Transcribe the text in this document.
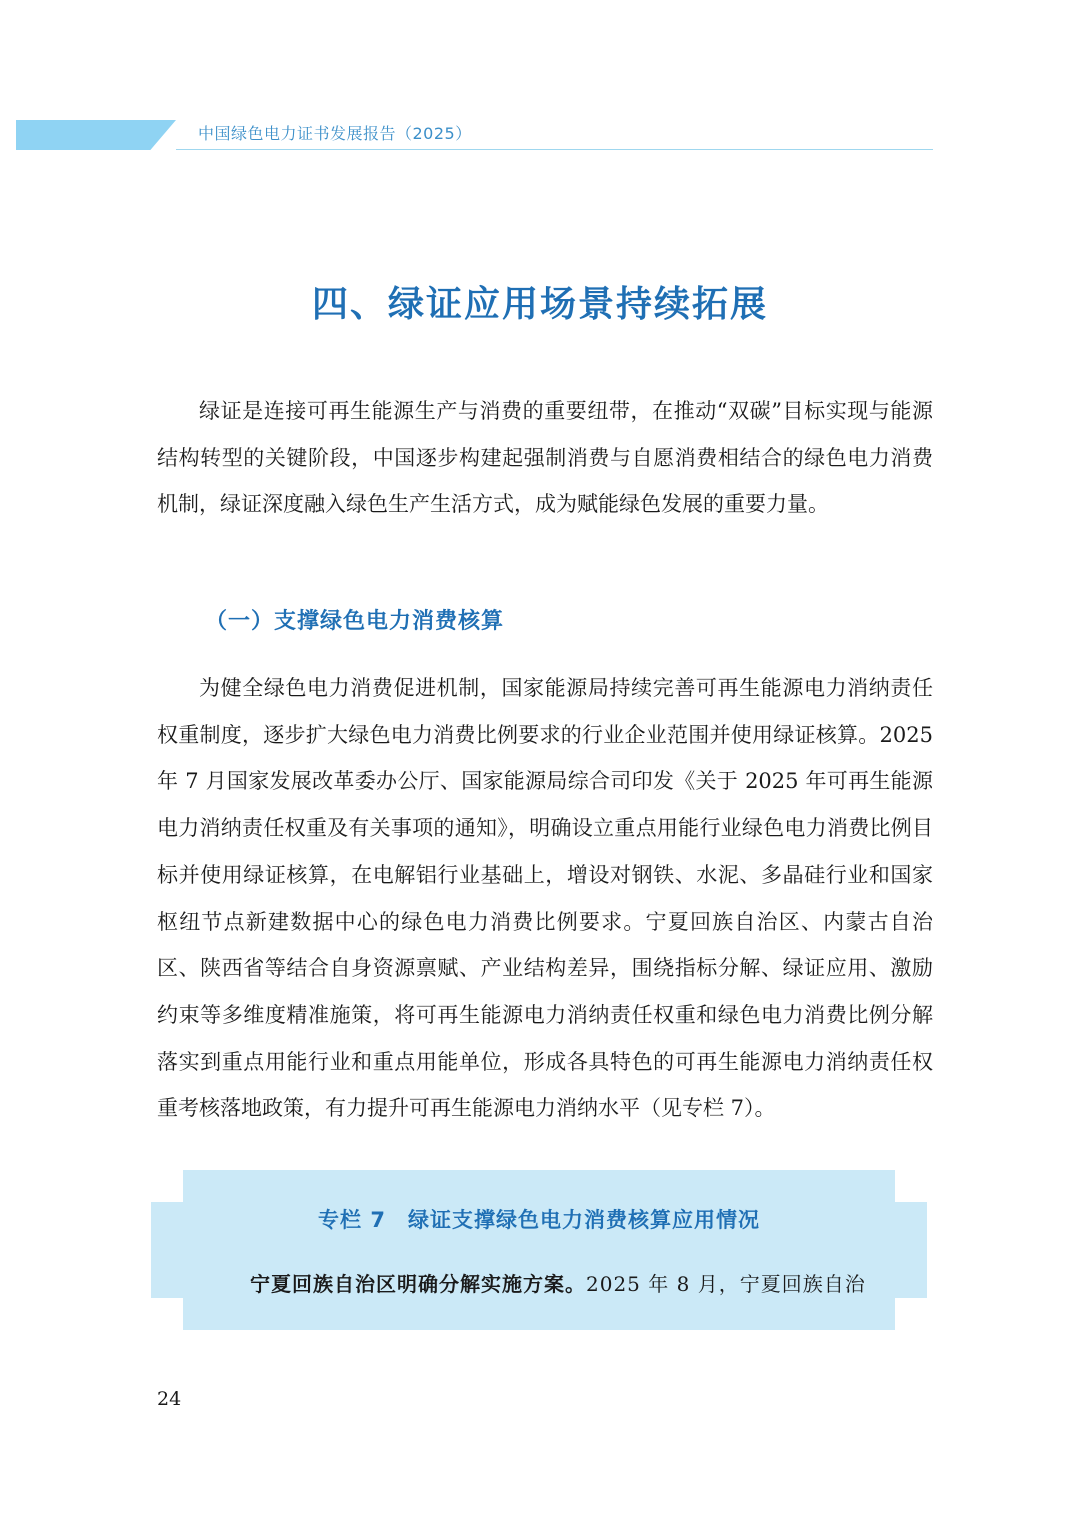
中国绿色电力证书发展报告（2025）
四、绿证应用场景持续拓展

绿证是连接可再生能源生产与消费的重要纽带，在推动“双碳”目标实现与能源结构转型的关键阶段，中国逐步构建起强制消费与自愿消费相结合的绿色电力消费机制，绿证深度融入绿色生产生活方式，成为赋能绿色发展的重要力量。

（一）支撑绿色电力消费核算

为健全绿色电力消费促进机制，国家能源局持续完善可再生能源电力消纳责任权重制度，逐步扩大绿色电力消费比例要求的行业企业范围并使用绿证核算。2025 年 7 月国家发展改革委办公厅、国家能源局综合司印发《关于 2025 年可再生能源电力消纳责任权重及有关事项的通知》，明确设立重点用能行业绿色电力消费比例目标并使用绿证核算，在电解铝行业基础上，增设对钢铁、水泥、多晶硅行业和国家枢纽节点新建数据中心的绿色电力消费比例要求。宁夏回族自治区、内蒙古自治区、陕西省等结合自身资源禀赋、产业结构差异，围绕指标分解、绿证应用、激励约束等多维度精准施策，将可再生能源电力消纳责任权重和绿色电力消费比例分解落实到重点用能行业和重点用能单位，形成各具特色的可再生能源电力消纳责任权重考核落地政策，有力提升可再生能源电力消纳水平（见专栏 7）。

专栏 7　绿证支撑绿色电力消费核算应用情况
宁夏回族自治区明确分解实施方案。2025 年 8 月，宁夏回族自治
24
